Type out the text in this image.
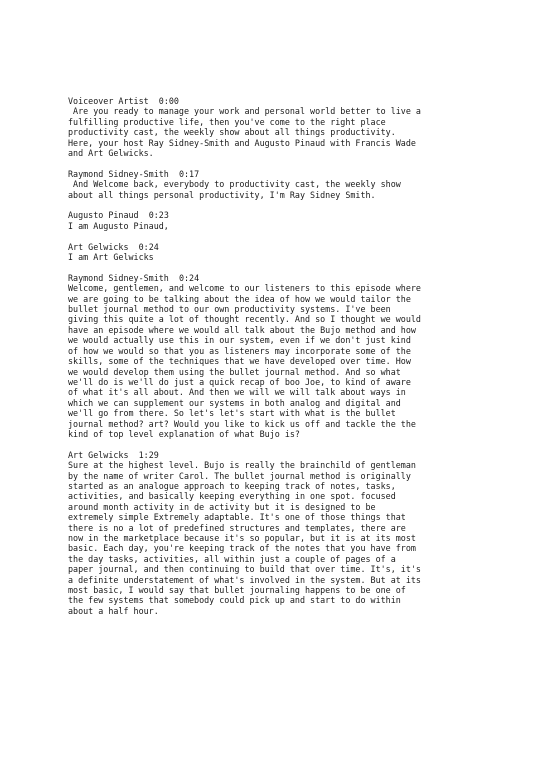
Voiceover Artist 0:00
Are you ready to manage your work and personal world better to live a
fulfilling productive life, then you've come to the right place
productivity cast, the weekly show about all things productivity.
Here, your host Ray Sidney-Smith and Augusto Pinaud with Francis Wade
and Art Gelwicks.
Raymond Sidney-Smith 0:17
And Welcome back, everybody to productivity cast, the weekly show
about all things personal productivity, I'm Ray Sidney Smith.
Augusto Pinaud 0:23
I am Augusto Pinaud,
Art Gelwicks 0:24
I am Art Gelwicks
Raymond Sidney-Smith 0:24
Welcome, gentlemen, and welcome to our listeners to this episode where
we are going to be talking about the idea of how we would tailor the
bullet journal method to our own productivity systems. I've been
giving this quite a lot of thought recently. And so I thought we would
have an episode where we would all talk about the Bujo method and how
we would actually use this in our system, even if we don't just kind
of how we would so that you as listeners may incorporate some of the
skills, some of the techniques that we have developed over time. How
we would develop them using the bullet journal method. And so what
we'll do is we'll do just a quick recap of boo Joe, to kind of aware
of what it's all about. And then we will we will talk about ways in
which we can supplement our systems in both analog and digital and
we'll go from there. So let's let's start with what is the bullet
journal method? art? Would you like to kick us off and tackle the the
kind of top level explanation of what Bujo is?
Art Gelwicks 1:29
Sure at the highest level. Bujo is really the brainchild of gentleman
by the name of writer Carol. The bullet journal method is originally
started as an analogue approach to keeping track of notes, tasks,
activities, and basically keeping everything in one spot. focused
around month activity in de activity but it is designed to be
extremely simple Extremely adaptable. It's one of those things that
there is no a lot of predefined structures and templates, there are
now in the marketplace because it's so popular, but it is at its most
basic. Each day, you're keeping track of the notes that you have from
the day tasks, activities, all within just a couple of pages of a
paper journal, and then continuing to build that over time. It's, it's
a definite understatement of what's involved in the system. But at its
most basic, I would say that bullet journaling happens to be one of
the few systems that somebody could pick up and start to do within
about a half hour.
